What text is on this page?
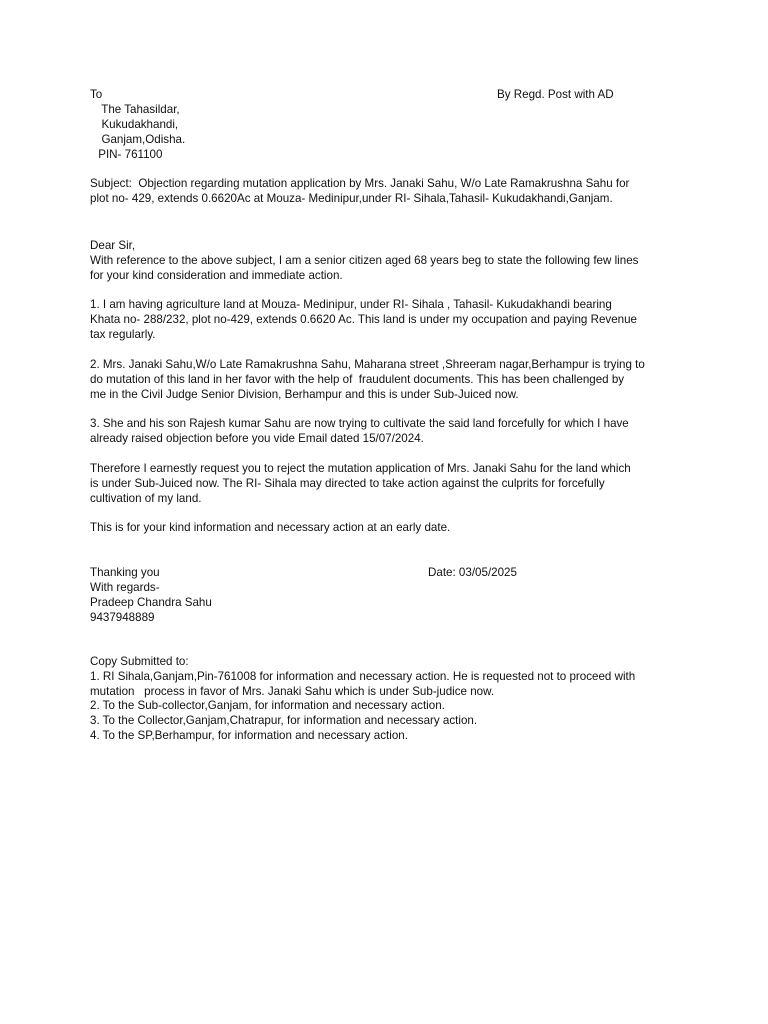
To	By Regd. Post with AD
The Tahasildar,
Kukudakhandi,
Ganjam,Odisha.
PIN- 761100
Subject:  Objection regarding mutation application by Mrs. Janaki Sahu, W/o Late Ramakrushna Sahu for
plot no- 429, extends 0.6620Ac at Mouza- Medinipur,under RI- Sihala,Tahasil- Kukudakhandi,Ganjam.
Dear Sir,
With reference to the above subject, I am a senior citizen aged 68 years beg to state the following few lines
for your kind consideration and immediate action.
1. I am having agriculture land at Mouza- Medinipur, under RI- Sihala , Tahasil- Kukudakhandi bearing
Khata no- 288/232, plot no-429, extends 0.6620 Ac. This land is under my occupation and paying Revenue
tax regularly.
2. Mrs. Janaki Sahu,W/o Late Ramakrushna Sahu, Maharana street ,Shreeram nagar,Berhampur is trying to
do mutation of this land in her favor with the help of  fraudulent documents. This has been challenged by
me in the Civil Judge Senior Division, Berhampur and this is under Sub-Juiced now.
3. She and his son Rajesh kumar Sahu are now trying to cultivate the said land forcefully for which I have
already raised objection before you vide Email dated 15/07/2024.
Therefore I earnestly request you to reject the mutation application of Mrs. Janaki Sahu for the land which
is under Sub-Juiced now. The RI- Sihala may directed to take action against the culprits for forcefully
cultivation of my land.
This is for your kind information and necessary action at an early date.
Thanking you	Date: 03/05/2025
With regards-
Pradeep Chandra Sahu
9437948889
Copy Submitted to:
1. RI Sihala,Ganjam,Pin-761008 for information and necessary action. He is requested not to proceed with
mutation   process in favor of Mrs. Janaki Sahu which is under Sub-judice now.
2. To the Sub-collector,Ganjam, for information and necessary action.
3. To the Collector,Ganjam,Chatrapur, for information and necessary action.
4. To the SP,Berhampur, for information and necessary action.
